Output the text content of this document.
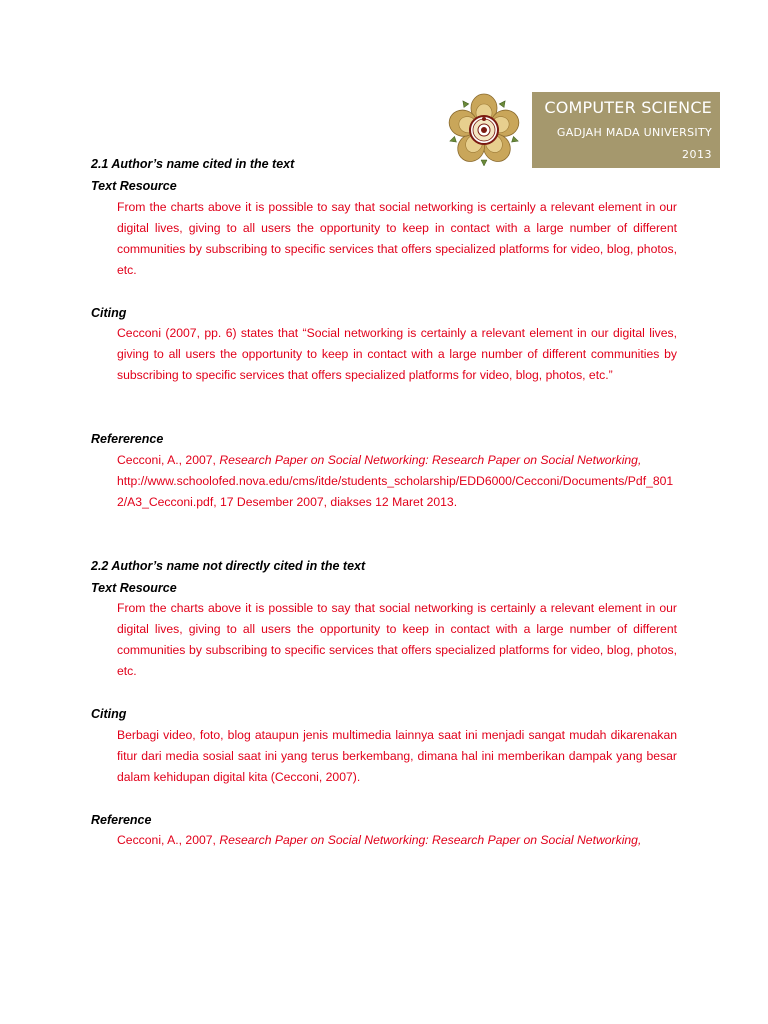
COMPUTER SCIENCE
GADJAH MADA UNIVERSITY
2013
2.1 Author’s name cited in the text
Text Resource
From the charts above it is possible to say that social networking is certainly a relevant element in our digital lives, giving to all users the opportunity to keep in contact with a large number of different communities by subscribing to specific services that offers specialized platforms for video, blog, photos, etc.
Citing
Cecconi (2007, pp. 6) states that “Social networking is certainly a relevant element in our digital lives, giving to all users the opportunity to keep in contact with a large number of different communities by subscribing to specific services that offers specialized platforms for video, blog, photos, etc.”
Refererence
Cecconi, A., 2007, Research Paper on Social Networking: Research Paper on Social Networking,
http://www.schoolofed.nova.edu/cms/itde/students_scholarship/EDD6000/Cecconi/Documents/Pdf_8012/A3_Cecconi.pdf, 17 Desember 2007, diakses 12 Maret 2013.
2.2 Author’s name not directly cited in the text
Text Resource
From the charts above it is possible to say that social networking is certainly a relevant element in our digital lives, giving to all users the opportunity to keep in contact with a large number of different communities by subscribing to specific services that offers specialized platforms for video, blog, photos, etc.
Citing
Berbagi video, foto, blog ataupun jenis multimedia lainnya saat ini menjadi sangat mudah dikarenakan fitur dari media sosial saat ini yang terus berkembang, dimana hal ini memberikan dampak yang besar dalam kehidupan digital kita (Cecconi, 2007).
Reference
Cecconi, A., 2007, Research Paper on Social Networking: Research Paper on Social Networking,
